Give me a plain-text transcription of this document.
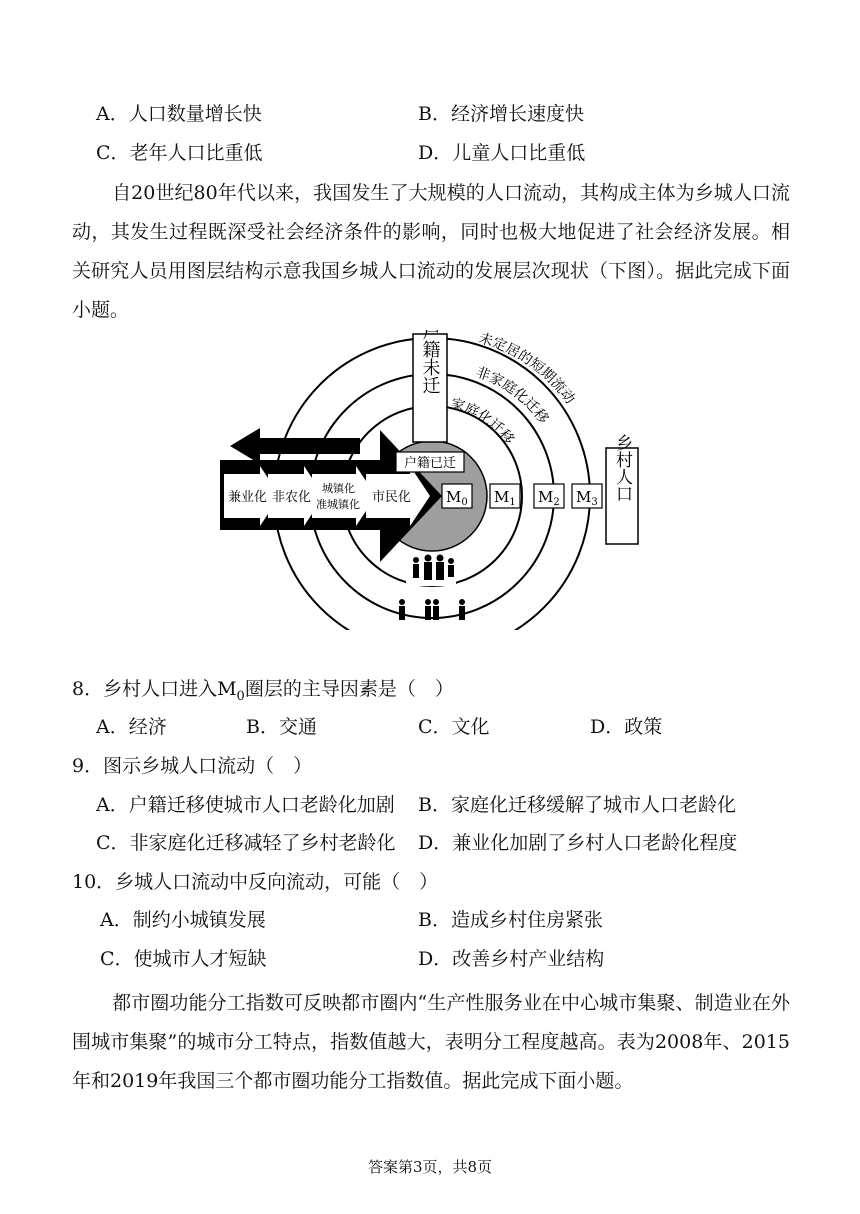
A．人口数量增长快	B．经济增长速度快
C．老年人口比重低	D．儿童人口比重低
自20世纪80年代以来，我国发生了大规模的人口流动，其构成主体为乡城人口流动，其发生过程既深受社会经济条件的影响，同时也极大地促进了社会经济发展。相关研究人员用图层结构示意我国乡城人口流动的发展层次现状（下图）。据此完成下面小题。
未定居的短期流动
非家庭化迁移
家庭化迁移
兼业化 非农化
城镇化
准城镇化 市民化
户籍未迁
户籍已迁
$M_0$ $M_1$ $M_2$ $M_3$
乡村人口
8．乡村人口进入$M_0$圈层的主导因素是（　）
A．经济	B．交通	C．文化	D．政策
9．图示乡城人口流动（　）
A．户籍迁移使城市人口老龄化加剧 B．家庭化迁移缓解了城市人口老龄化
C．非家庭化迁移减轻了乡村老龄化 D．兼业化加剧了乡村人口老龄化程度
10．乡城人口流动中反向流动，可能（　）
A．制约小城镇发展	B．造成乡村住房紧张
C．使城市人才短缺	D．改善乡村产业结构
都市圈功能分工指数可反映都市圈内“生产性服务业在中心城市集聚、制造业在外围城市集聚”的城市分工特点，指数值越大，表明分工程度越高。表为2008年、2015年和2019年我国三个都市圈功能分工指数值。据此完成下面小题。
答案第3页，共8页
